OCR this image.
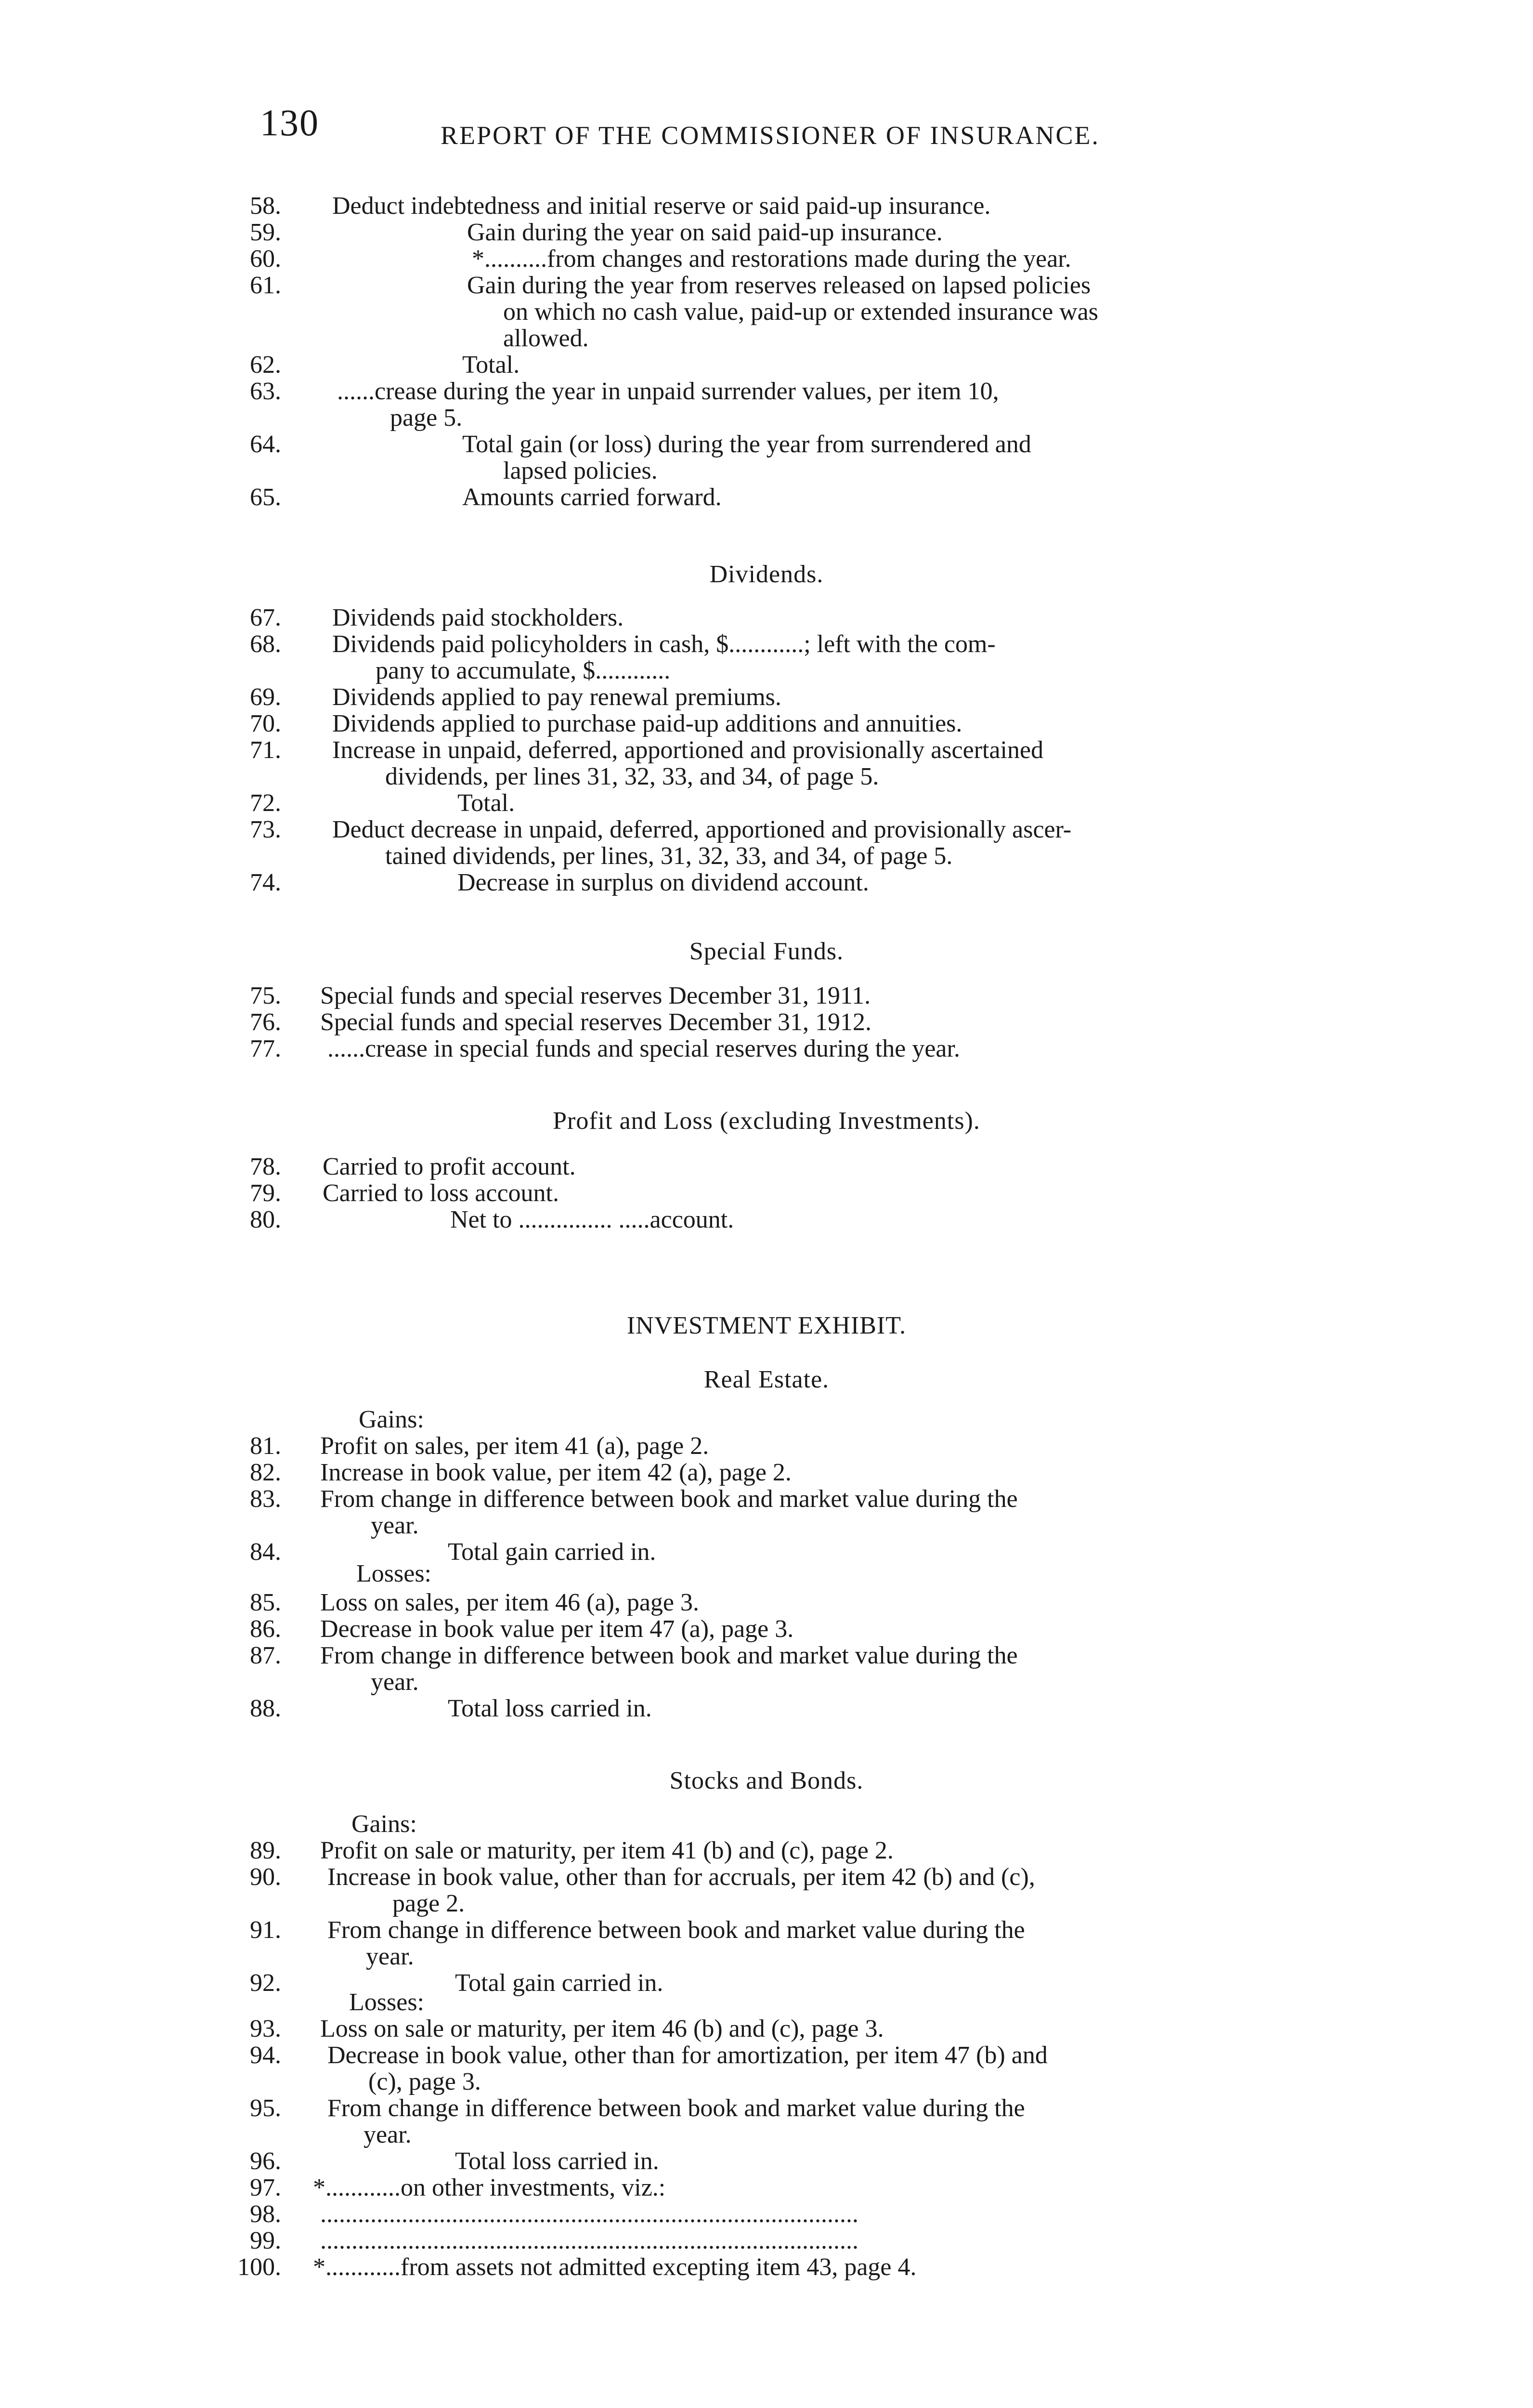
130	REPORT OF THE COMMISSIONER OF INSURANCE.
Dividends.
Special Funds.
Profit and Loss (excluding Investments).
INVESTMENT EXHIBIT.
Real Estate.
Stocks and Bonds.
Gains:
Losses:
Gains:
Losses:
58. Deduct indebtedness and initial reserve or said paid-up insurance.
59.	Gain during the year on said paid-up insurance.
60.	*..........from changes and restorations made during the year.
61.	Gain during the year from reserves released on lapsed policies
on which no cash value, paid-up or extended insurance was
allowed.
62.	Total.
63. ......crease during the year in unpaid surrender values, per item 10,
page 5.
64.	Total gain (or loss) during the year from surrendered and
lapsed policies.
65.	Amounts carried forward.
67. Dividends paid stockholders.
68. Dividends paid policyholders in cash, $............; left with the com-
pany to accumulate, $............
69. Dividends applied to pay renewal premiums.
70. Dividends applied to purchase paid-up additions and annuities.
71. Increase in unpaid, deferred, apportioned and provisionally ascertained
dividends, per lines 31, 32, 33, and 34, of page 5.
72.	Total.
73. Deduct decrease in unpaid, deferred, apportioned and provisionally ascer-
tained dividends, per lines, 31, 32, 33, and 34, of page 5.
74.	Decrease in surplus on dividend account.
75. Special funds and special reserves December 31, 1911.
76. Special funds and special reserves December 31, 1912.
77. ......crease in special funds and special reserves during the year.
78. Carried to profit account.
79. Carried to loss account.
80.	Net to ............... .....account.
81. Profit on sales, per item 41 (a), page 2.
82. Increase in book value, per item 42 (a), page 2.
83. From change in difference between book and market value during the
year.
84.	Total gain carried in.
85. Loss on sales, per item 46 (a), page 3.
86. Decrease in book value per item 47 (a), page 3.
87. From change in difference between book and market value during the
year.
88.	Total loss carried in.
89. Profit on sale or maturity, per item 41 (b) and (c), page 2.
90. Increase in book value, other than for accruals, per item 42 (b) and (c),
page 2.
91. From change in difference between book and market value during the
year.
92.	Total gain carried in.
93. Loss on sale or maturity, per item 46 (b) and (c), page 3.
94. Decrease in book value, other than for amortization, per item 47 (b) and
(c), page 3.
95. From change in difference between book and market value during the
year.
96.	Total loss carried in.
97. *............on other investments, viz.:
98. ......................................................................................
99. ......................................................................................
100. *............from assets not admitted excepting item 43, page 4.
